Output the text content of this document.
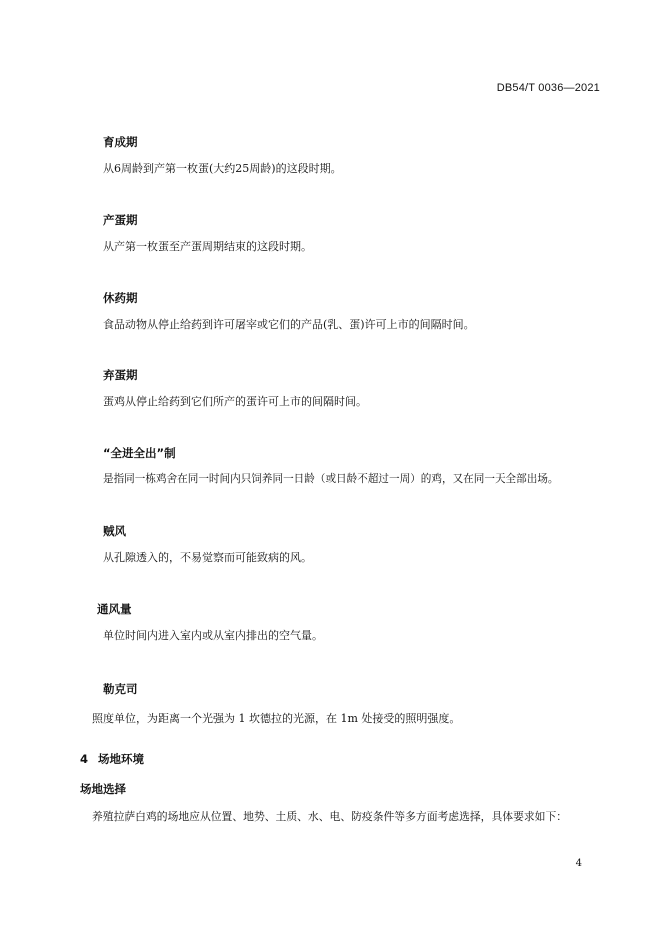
DB54/T 0036—2021
育成期
从6周龄到产第一枚蛋(大约25周龄)的这段时期。
产蛋期
从产第一枚蛋至产蛋周期结束的这段时期。
休药期
食品动物从停止给药到许可屠宰或它们的产品(乳、蛋)许可上市的间隔时间。
弃蛋期
蛋鸡从停止给药到它们所产的蛋许可上市的间隔时间。
“全进全出”制
是指同一栋鸡舍在同一时间内只饲养同一日龄（或日龄不超过一周）的鸡，又在同一天全部出场。
贼风
从孔隙透入的，不易觉察而可能致病的风。
通风量
单位时间内进入室内或从室内排出的空气量。
勒克司
照度单位，为距离一个光强为 1 坎德拉的光源，在 1m 处接受的照明强度。
4 场地环境
场地选择
养殖拉萨白鸡的场地应从位置、地势、土质、水、电、防疫条件等多方面考虑选择，具体要求如下：
4
